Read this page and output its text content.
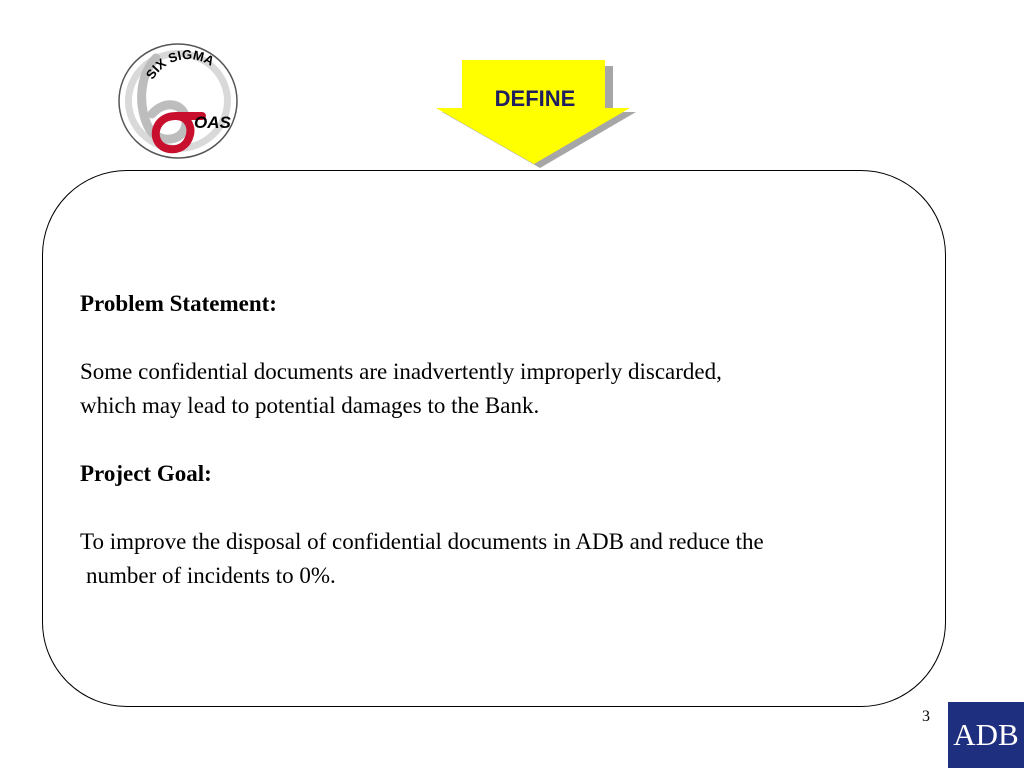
SIX SIGMA
OAS
DEFINE

Problem Statement:

Some confidential documents are inadvertently improperly discarded,

which may lead to potential damages to the Bank.

Project Goal:

To improve the disposal of confidential documents in ADB and reduce the

number of incidents to 0%.

3
ADB
